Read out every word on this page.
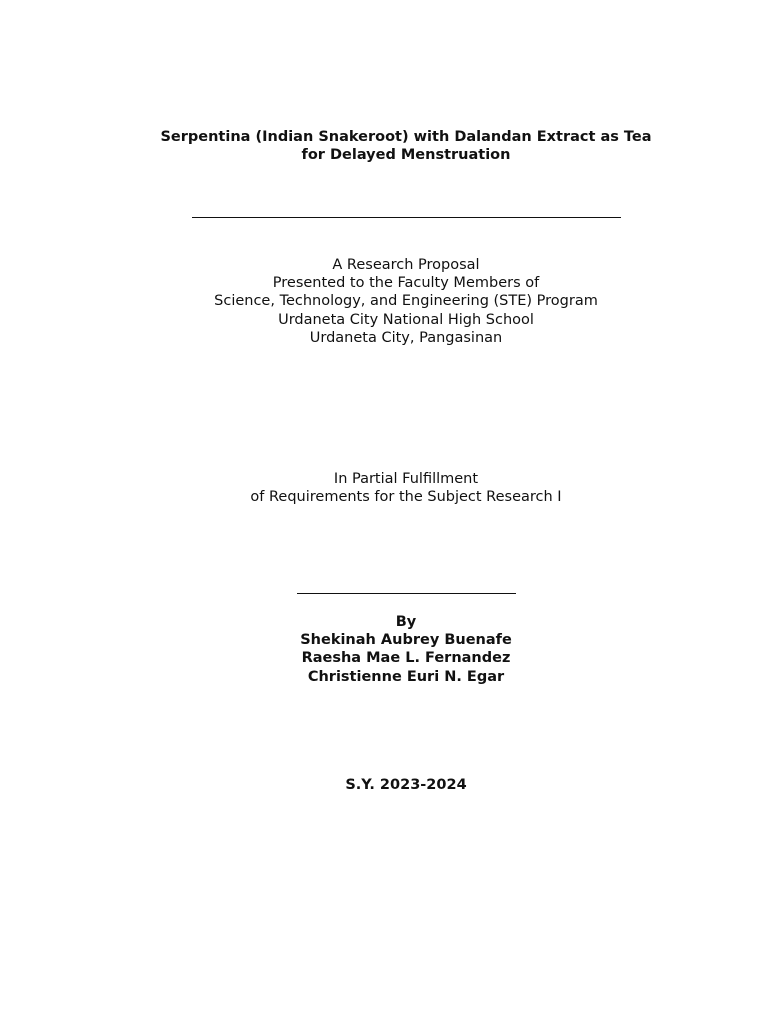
Serpentina (Indian Snakeroot) with Dalandan Extract as Tea
for Delayed Menstruation
A Research Proposal
Presented to the Faculty Members of
Science, Technology, and Engineering (STE) Program
Urdaneta City National High School
Urdaneta City, Pangasinan
In Partial Fulfillment
of Requirements for the Subject Research I
By
Shekinah Aubrey Buenafe
Raesha Mae L. Fernandez
Christienne Euri N. Egar
S.Y. 2023-2024
